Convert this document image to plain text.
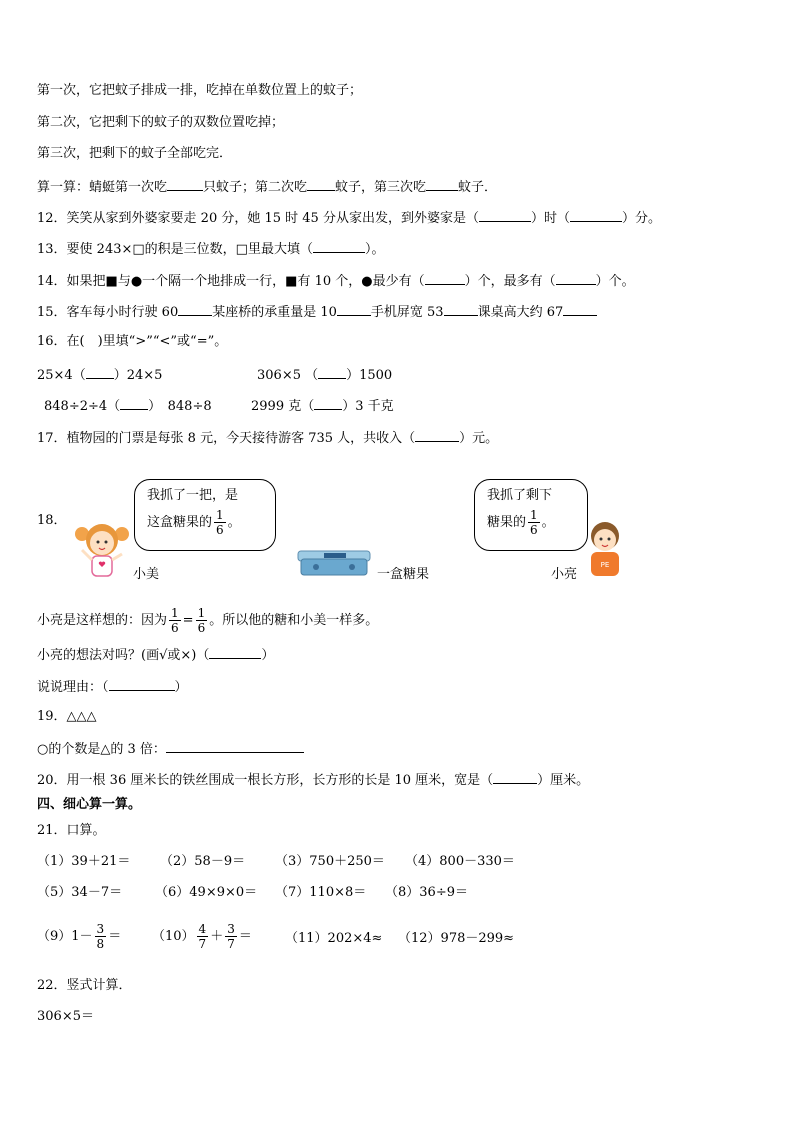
第一次，它把蚊子排成一排，吃掉在单数位置上的蚊子；
第二次，它把剩下的蚊子的双数位置吃掉；
第三次，把剩下的蚊子全部吃完．
算一算：蜻蜓第一次吃	只蚊子；第二次吃 蚊子，第三次吃 蚊子．
12．笑笑从家到外婆家要走 20 分，她 15 时 45 分从家出发，到外婆家是（	）时（	）分。
13．要使 243×□的积是三位数，□里最大填（	）。
14．如果把■与●一个隔一个地排成一行，■有 10 个，●最少有（	）个，最多有（	）个。
15．客车每小时行驶 60	某座桥的承重量是 10	手机屏宽 53	课桌高大约 67
16．在(　)里填“>”“<”或“=”。
25×4（ ）24×5	306×5 （ ）1500
848÷2÷4（ ）　848÷8	2999 克（ ）3 千克
17．植物园的门票是每张 8 元，今天接待游客 735 人，共收入（	）元。
18．
我抓了一把，是
这盒糖果的 $\frac{1}{6}$ 。
小美	一盒糖果
我抓了剩下
糖果的 $\frac{1}{6}$ 。
PE
小亮
小亮是这样想的：因为 $\frac{1}{6} = \frac{1}{6}$ 。所以他的糖和小美一样多。
小亮的想法对吗？(画√或×)（	）
说说理由：（	）
19．△△△
○的个数是△的 3 倍：
20．用一根 36 厘米长的铁丝围成一根长方形，长方形的长是 10 厘米，宽是（	）厘米。
四、细心算一算。
21．口算。
（1）39＋21＝ （2）58－9＝ （3）750＋250＝ （4）800－330＝
（5）34－7＝	（6）49×9×0＝ （7）110×8＝ （8）36÷9＝
$(9)1- \frac{3}{8} = (10) \frac{4}{7} + \frac{3}{7}$ ＝	（11）202×4≈ （12）978－299≈
22．竖式计算．
306×5＝
